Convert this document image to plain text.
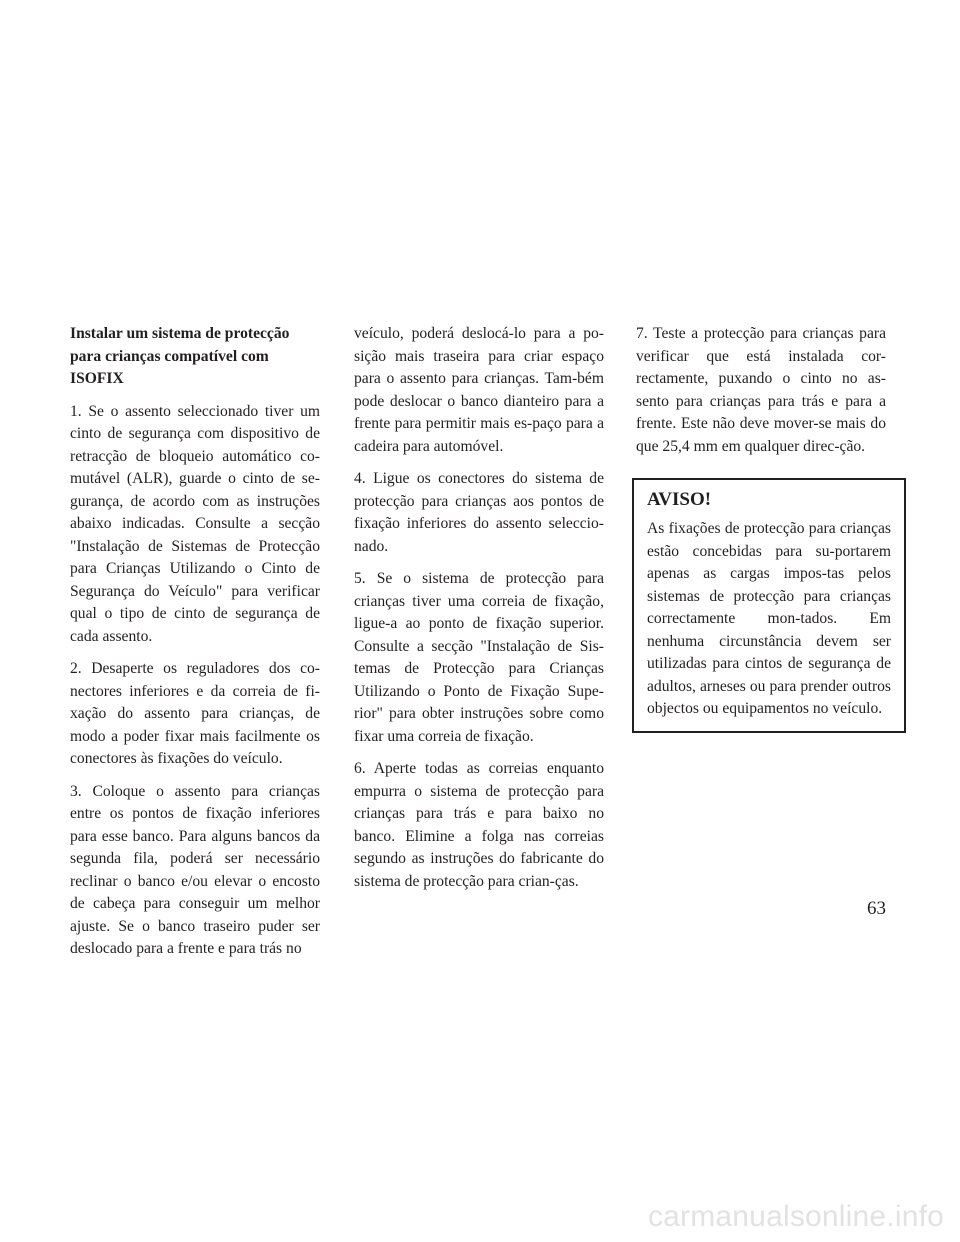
Instalar um sistema de protecção para crianças compatível com ISOFIX

1. Se o assento seleccionado tiver um cinto de segurança com dispositivo de retracção de bloqueio automático co-mutável (ALR), guarde o cinto de se-gurança, de acordo com as instruções abaixo indicadas. Consulte a secção "Instalação de Sistemas de Protecção para Crianças Utilizando o Cinto de Segurança do Veículo" para verificar qual o tipo de cinto de segurança de cada assento.

2. Desaperte os reguladores dos co-nectores inferiores e da correia de fi-xação do assento para crianças, de modo a poder fixar mais facilmente os conectores às fixações do veículo.

3. Coloque o assento para crianças entre os pontos de fixação inferiores para esse banco. Para alguns bancos da segunda fila, poderá ser necessário reclinar o banco e/ou elevar o encosto de cabeça para conseguir um melhor ajuste. Se o banco traseiro puder ser deslocado para a frente e para trás no

veículo, poderá deslocá-lo para a po-sição mais traseira para criar espaço para o assento para crianças. Tam-bém pode deslocar o banco dianteiro para a frente para permitir mais es-paço para a cadeira para automóvel.

4. Ligue os conectores do sistema de protecção para crianças aos pontos de fixação inferiores do assento seleccio-nado.

5. Se o sistema de protecção para crianças tiver uma correia de fixação, ligue-a ao ponto de fixação superior. Consulte a secção "Instalação de Sis-temas de Protecção para Crianças Utilizando o Ponto de Fixação Supe-rior" para obter instruções sobre como fixar uma correia de fixação.

6. Aperte todas as correias enquanto empurra o sistema de protecção para crianças para trás e para baixo no banco. Elimine a folga nas correias segundo as instruções do fabricante do sistema de protecção para crian-ças.

7. Teste a protecção para crianças para verificar que está instalada cor-rectamente, puxando o cinto no as-sento para crianças para trás e para a frente. Este não deve mover-se mais do que 25,4 mm em qualquer direc-ção.

AVISO!

As fixações de protecção para crianças estão concebidas para su-portarem apenas as cargas impos-tas pelos sistemas de protecção para crianças correctamente mon-tados. Em nenhuma circunstância devem ser utilizadas para cintos de segurança de adultos, arneses ou para prender outros objectos ou equipamentos no veículo.

63
carmanualsonline.info
